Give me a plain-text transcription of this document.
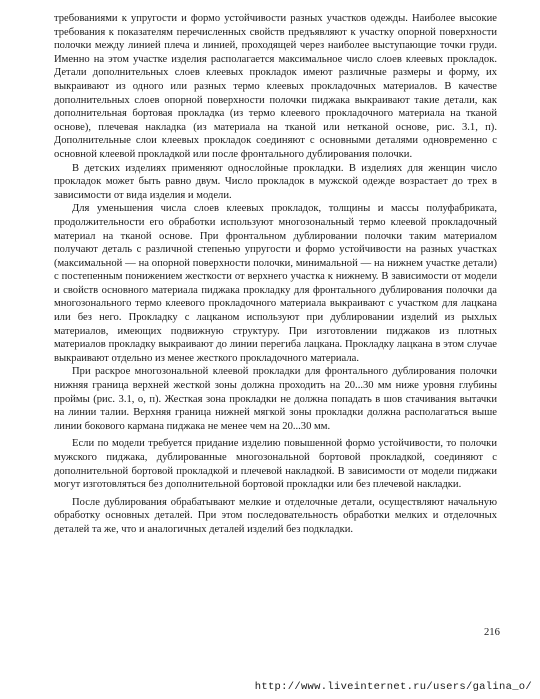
требованиями к упругости и формо устойчивости разных участков одежды. Наиболее высокие требования к показателям перечисленных свойств предъявляют к участку опорной поверхности полочки между линией плеча и линией, проходящей через наиболее выступающие точки груди. Именно на этом участке изделия располагается максимальное число слоев клеевых прокладок. Детали дополнительных слоев клеевых прокладок имеют различные размеры и форму, их выкраивают из одного или разных термо клеевых прокладочных материалов. В качестве дополнительных слоев опорной поверхности полочки пиджака выкраивают такие детали, как дополнительная бортовая прокладка (из термо клеевого прокладочного материала на тканой основе), плечевая накладка (из материала на тканой или нетканой основе, рис. 3.1, п). Дополнительные слои клеевых прокладок соединяют с основными деталями одновременно с основной клеевой прокладкой или после фронтального дублирования полочки.

В детских изделиях применяют однослойные прокладки. В изделиях для женщин число прокладок может быть равно двум. Число прокладок в мужской одежде возрастает до трех в зависимости от вида изделия и модели.

Для уменьшения числа слоев клеевых прокладок, толщины и массы полуфабриката, продолжительности его обработки используют многозональный термо клеевой прокладочный материал на тканой основе. При фронтальном дублировании полочки таким материалом получают деталь с различной степенью упругости и формо устойчивости на разных участках (максимальной — на опорной поверхности полочки, минимальной — на нижнем участке детали) с постепенным понижением жесткости от верхнего участка к нижнему. В зависимости от модели и свойств основного материала пиджака прокладку для фронтального дублирования полочки да многозонального термо клеевого прокладочного материала выкраивают с участком для лацкана или без него. Прокладку с лацканом используют при дублировании изделий из рыхлых материалов, имеющих подвижную структуру. При изготовлении пиджаков из плотных материалов прокладку выкраивают до линии перегиба лацкана. Прокладку лацкана в этом случае выкраивают отдельно из менее жесткого прокладочного материала.

При раскрое многозональной клеевой прокладки для фронтального дублирования полочки нижняя граница верхней жесткой зоны должна проходить на 20...30 мм ниже уровня глубины проймы (рис. 3.1, о, п). Жесткая зона прокладки не должна попадать в шов стачивания вытачки на линии талии. Верхняя граница нижней мягкой зоны прокладки должна располагаться выше линии бокового кармана пиджака не менее чем на 20...30 мм.

Если по модели требуется придание изделию повышенной формо устойчивости, то полочки мужского пиджака, дублированные многозональной бортовой прокладкой, соединяют с дополнительной бортовой прокладкой и плечевой накладкой. В зависимости от модели пиджаки могут изготовляться без дополнительной бортовой прокладки или без плечевой накладки.

После дублирования обрабатывают мелкие и отделочные детали, осуществляют начальную обработку основных деталей. При этом последовательность обработки мелких и отделочных деталей та же, что и аналогичных деталей изделий без подкладки.

216
http://www.liveinternet.ru/users/galina_o/
